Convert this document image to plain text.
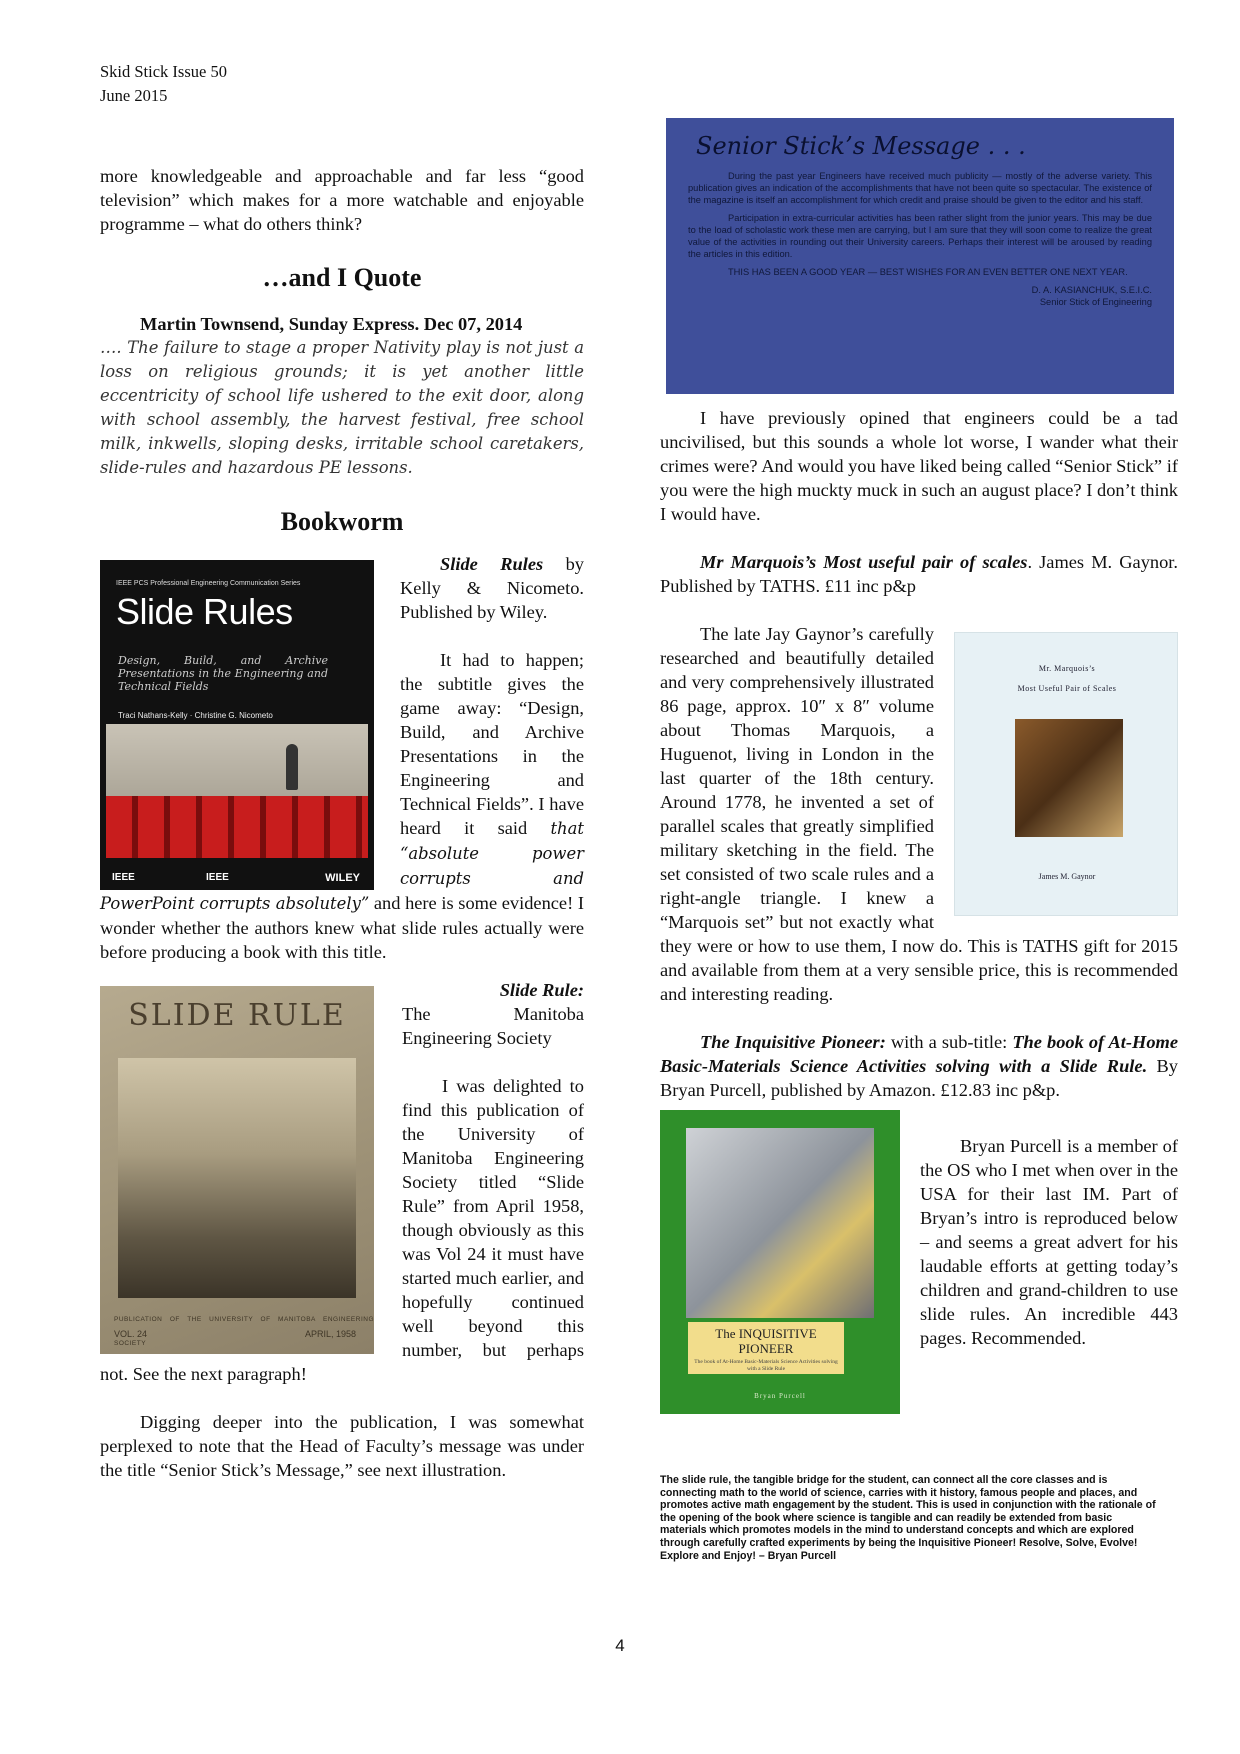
Skid Stick Issue 50
June 2015

more knowledgeable and approachable and far less “good television” which makes for a more watchable and enjoyable programme – what do others think?

…and I Quote

Martin Townsend, Sunday Express. Dec 07, 2014

…. The failure to stage a proper Nativity play is not just a loss on religious grounds; it is yet another little eccentricity of school life ushered to the exit door, along with school assembly, the harvest festival, free school milk, inkwells, sloping desks, irritable school caretakers, slide-rules and hazardous PE lessons.

Bookworm
IEEE PCS Professional Engineering Communication Series
Slide Rules
Design, Build, and Archive Presentations in the Engineering and Technical Fields
Traci Nathans-Kelly · Christine G. Nicometo
IEEE	IEEE	WILEY

Slide Rules by Kelly & Nicometo. Published by Wiley.

It had to happen; the subtitle gives the game away: “Design, Build, and Archive Presentations in the Engineering and Technical Fields”. I have heard it said that “absolute power corrupts and PowerPoint corrupts absolutely” and here is some evidence! I wonder whether the authors knew what slide rules actually were before producing a book with this title.

SLIDE RULE
PUBLICATION OF THE UNIVERSITY OF MANITOBA ENGINEERING SOCIETY
VOL. 24	APRIL, 1958

Slide Rule:

The Manitoba Engineering Society

I was delighted to find this publication of the University of Manitoba Engineering Society titled “Slide Rule” from April 1958, though obviously as this was Vol 24 it must have started much earlier, and hopefully continued well beyond this number, but perhaps not. See the next paragraph!

Digging deeper into the publication, I was somewhat perplexed to note that the Head of Faculty’s message was under the title “Senior Stick’s Message,” see next illustration.

Senior Stick’s Message . . .

During the past year Engineers have received much publicity — mostly of the adverse variety. This publication gives an indication of the accomplishments that have not been quite so spectacular. The existence of the magazine is itself an accomplishment for which credit and praise should be given to the editor and his staff.

Participation in extra-curricular activities has been rather slight from the junior years. This may be due to the load of scholastic work these men are carrying, but I am sure that they will soon come to realize the great value of the activities in rounding out their University careers. Perhaps their interest will be aroused by reading the articles in this edition.

THIS HAS BEEN A GOOD YEAR — BEST WISHES FOR AN EVEN BETTER ONE NEXT YEAR.

D. A. KASIANCHUK, S.E.I.C.
Senior Stick of Engineering

I have previously opined that engineers could be a tad uncivilised, but this sounds a whole lot worse, I wander what their crimes were? And would you have liked being called “Senior Stick” if you were the high muckty muck in such an august place? I don’t think I would have.

Mr Marquois’s Most useful pair of scales. James M. Gaynor. Published by TATHS. £11 inc p&p

Mr. Marquois’s
Most Useful Pair of Scales
James M. Gaynor

The late Jay Gaynor’s carefully researched and beautifully detailed and very comprehensively illustrated 86 page, approx. 10″ x 8″ volume about Thomas Marquois, a Huguenot, living in London in the last quarter of the 18th century. Around 1778, he invented a set of parallel scales that greatly simplified military sketching in the field. The set consisted of two scale rules and a right-angle triangle. I knew a “Marquois set” but not exactly what they were or how to use them, I now do. This is TATHS gift for 2015 and available from them at a very sensible price, this is recommended and interesting reading.

The Inquisitive Pioneer: with a sub-title: The book of At-Home Basic-Materials Science Activities solving with a Slide Rule. By Bryan Purcell, published by Amazon. £12.83 inc p&p.

The INQUISITIVE PIONEER
The book of At-Home Basic-Materials Science Activities solving with a Slide Rule
Bryan Purcell

Bryan Purcell is a member of the OS who I met when over in the USA for their last IM. Part of Bryan’s intro is reproduced below – and seems a great advert for his laudable efforts at getting today’s children and grand-children to use slide rules. An incredible 443 pages. Recommended.

The slide rule, the tangible bridge for the student, can connect all the core classes and is connecting math to the world of science, carries with it history, famous people and places, and promotes active math engagement by the student. This is used in conjunction with the rationale of the opening of the book where science is tangible and can readily be extended from basic materials which promotes models in the mind to understand concepts and which are explored through carefully crafted experiments by being the Inquisitive Pioneer! Resolve, Solve, Evolve! Explore and Enjoy! – Bryan Purcell
4
